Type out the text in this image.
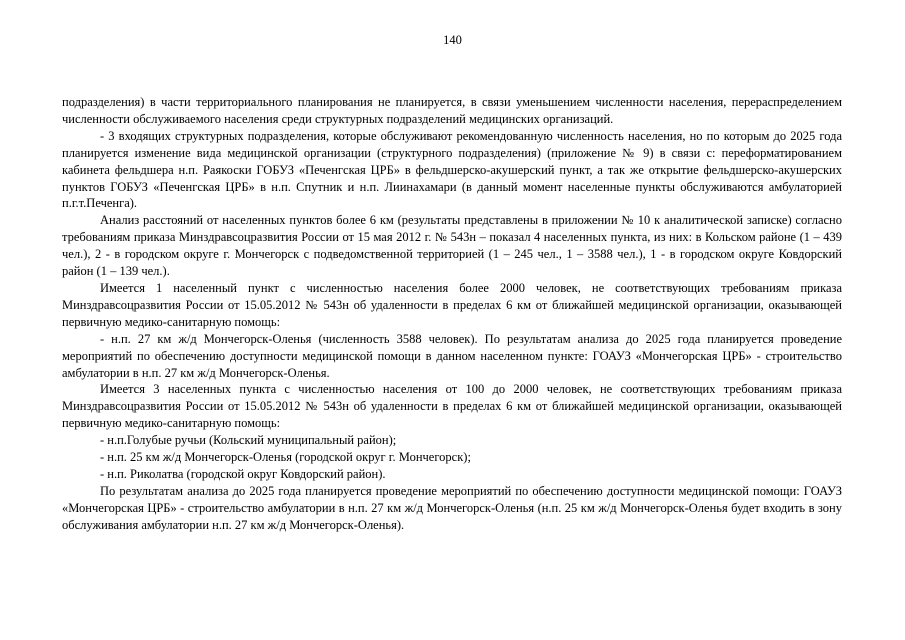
140

подразделения) в части территориального планирования не планируется, в связи уменьшением численности населения, перераспределением численности обслуживаемого населения среди структурных подразделений медицинских организаций.

- 3 входящих структурных подразделения, которые обслуживают рекомендованную численность населения, но по которым до 2025 года планируется изменение вида медицинской организации (структурного подразделения) (приложение № 9) в связи с: переформатированием кабинета фельдшера н.п. Раякоски ГОБУЗ «Печенгская ЦРБ» в фельдшерско-акушерский пункт, а так же открытие фельдшерско-акушерских пунктов ГОБУЗ «Печенгская ЦРБ» в н.п. Спутник и н.п. Лиинахамари (в данный момент населенные пункты обслуживаются амбулаторией п.г.т.Печенга).

Анализ расстояний от населенных пунктов более 6 км (результаты представлены в приложении № 10 к аналитической записке) согласно требованиям приказа Минздравсоцразвития России от 15 мая 2012 г. № 543н – показал 4 населенных пункта, из них: в Кольском районе (1 – 439 чел.), 2 - в городском округе г. Мончегорск с подведомственной территорией (1 – 245 чел., 1 – 3588 чел.), 1 - в городском округе Ковдорский район (1 – 139 чел.).

Имеется 1 населенный пункт с численностью населения более 2000 человек, не соответствующих требованиям приказа Минздравсоцразвития России от 15.05.2012 № 543н об удаленности в пределах 6 км от ближайшей медицинской организации, оказывающей первичную медико-санитарную помощь:

- н.п. 27 км ж/д Мончегорск-Оленья (численность 3588 человек). По результатам анализа до 2025 года планируется проведение мероприятий по обеспечению доступности медицинской помощи в данном населенном пункте: ГОАУЗ «Мончегорская ЦРБ» - строительство амбулатории в н.п. 27 км ж/д Мончегорск-Оленья.

Имеется 3 населенных пункта с численностью населения от 100 до 2000 человек, не соответствующих требованиям приказа Минздравсоцразвития России от 15.05.2012 № 543н об удаленности в пределах 6 км от ближайшей медицинской организации, оказывающей первичную медико-санитарную помощь:

- н.п.Голубые ручьи (Кольский муниципальный район);

- н.п. 25 км ж/д Мончегорск-Оленья (городской округ г. Мончегорск);

- н.п. Риколатва (городской округ Ковдорский район).

По результатам анализа до 2025 года планируется проведение мероприятий по обеспечению доступности медицинской помощи: ГОАУЗ «Мончегорская ЦРБ» - строительство амбулатории в н.п. 27 км ж/д Мончегорск-Оленья (н.п. 25 км ж/д Мончегорск-Оленья будет входить в зону обслуживания амбулатории н.п. 27 км ж/д Мончегорск-Оленья).
